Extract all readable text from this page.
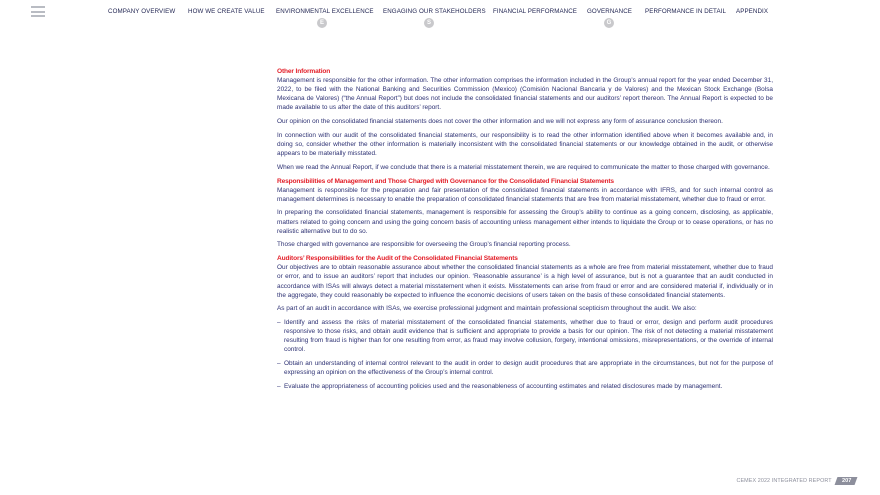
COMPANY OVERVIEW HOW WE CREATE VALUE ENVIRONMENTAL EXCELLENCE ENGAGING OUR STAKEHOLDERS FINANCIAL PERFORMANCE GOVERNANCE PERFORMANCE IN DETAIL APPENDIX
E	S	G
Other Information

Management is responsible for the other information. The other information comprises the information included in the Group’s annual report for the year ended December 31, 2022, to be filed with the National Banking and Securities Commission (Mexico) (Comisión Nacional Bancaria y de Valores) and the Mexican Stock Exchange (Bolsa Mexicana de Valores) (“the Annual Report”) but does not include the consolidated financial statements and our auditors’ report thereon. The Annual Report is expected to be made available to us after the date of this auditors’ report.

Our opinion on the consolidated financial statements does not cover the other information and we will not express any form of assurance conclusion thereon.

In connection with our audit of the consolidated financial statements, our responsibility is to read the other information identified above when it becomes available and, in doing so, consider whether the other information is materially inconsistent with the consolidated financial statements or our knowledge obtained in the audit, or otherwise appears to be materially misstated.

When we read the Annual Report, if we conclude that there is a material misstatement therein, we are required to communicate the matter to those charged with governance.

Responsibilities of Management and Those Charged with Governance for the Consolidated Financial Statements

Management is responsible for the preparation and fair presentation of the consolidated financial statements in accordance with IFRS, and for such internal control as management determines is necessary to enable the preparation of consolidated financial statements that are free from material misstatement, whether due to fraud or error.

In preparing the consolidated financial statements, management is responsible for assessing the Group’s ability to continue as a going concern, disclosing, as applicable, matters related to going concern and using the going concern basis of accounting unless management either intends to liquidate the Group or to cease operations, or has no realistic alternative but to do so.

Those charged with governance are responsible for overseeing the Group’s financial reporting process.

Auditors’ Responsibilities for the Audit of the Consolidated Financial Statements

Our objectives are to obtain reasonable assurance about whether the consolidated financial statements as a whole are free from material misstatement, whether due to fraud or error, and to issue an auditors’ report that includes our opinion. ‘Reasonable assurance’ is a high level of assurance, but is not a guarantee that an audit conducted in accordance with ISAs will always detect a material misstatement when it exists. Misstatements can arise from fraud or error and are considered material if, individually or in the aggregate, they could reasonably be expected to influence the economic decisions of users taken on the basis of these consolidated financial statements.

As part of an audit in accordance with ISAs, we exercise professional judgment and maintain professional scepticism throughout the audit. We also:

– Identify and assess the risks of material misstatement of the consolidated financial statements, whether due to fraud or error, design and perform audit procedures responsive to those risks, and obtain audit evidence that is sufficient and appropriate to provide a basis for our opinion. The risk of not detecting a material misstatement resulting from fraud is higher than for one resulting from error, as fraud may involve collusion, forgery, intentional omissions, misrepresentations, or the override of internal control.
– Obtain an understanding of internal control relevant to the audit in order to design audit procedures that are appropriate in the circumstances, but not for the purpose of expressing an opinion on the effectiveness of the Group’s internal control.
– Evaluate the appropriateness of accounting policies used and the reasonableness of accounting estimates and related disclosures made by management.
CEMEX 2022 INTEGRATED REPORT	207
